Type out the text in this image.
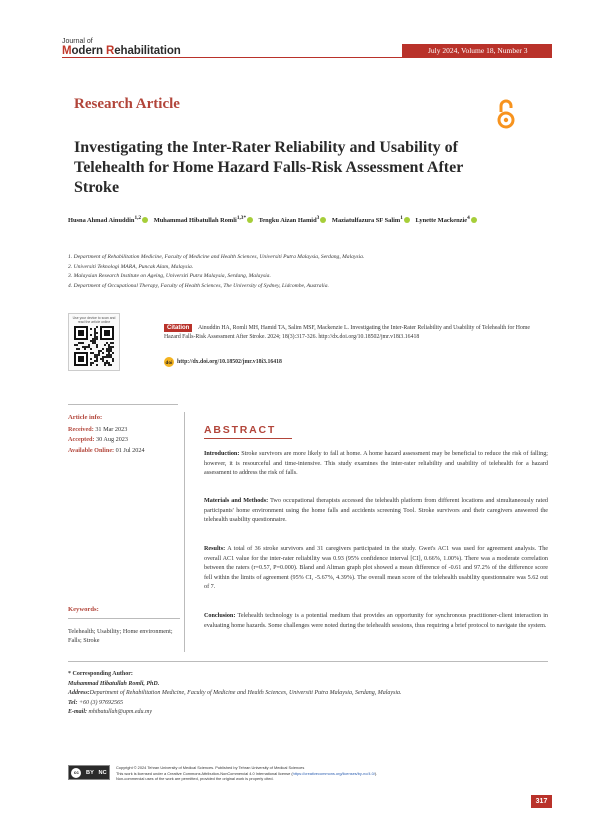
Journal of
Modern Rehabilitation	July 2024, Volume 18, Number 3
Research Article
Investigating the Inter-Rater Reliability and Usability of Telehealth for Home Hazard Falls-Risk Assessment After Stroke
Husna Ahmad Ainuddin$^{1,2}$ Muhammad Hibatullah Romli$^{1,3*}$ Tengku Aizan Hamid$^3$ Maziatulfazura SF Salim$^1$ Lynette Mackenzie$^4$
1. Department of Rehabilitation Medicine, Faculty of Medicine and Health Sciences, Universiti Putra Malaysia, Serdang, Malaysia.
2. Universiti Teknologi MARA, Puncak Alam, Malaysia.
3. Malaysian Research Institute on Ageing, Universiti Putra Malaysia, Serdang, Malaysia.
4. Department of Occupational Therapy, Faculty of Health Sciences, The University of Sydney, Lidcombe, Australia.
Use your device to scan and read the article online
Ainuddin HA, Romli MH, Hamid TA, Salim MSF, Mackenzie L. Investigating the Inter-Rater Reliability and Usability of Telehealth for Home Hazard Falls-Risk Assessment After Stroke. 2024; 18(3):317-326. http://dx.doi.org/10.18502/jmr.v18i3.16418
Citation
doi http://dx.doi.org/10.18502/jmr.v18i3.16418
Article info:
Received: 31 Mar 2023
Accepted: 30 Aug 2023
Available Online: 01 Jul 2024
Keywords:
Telehealth; Usability; Home environment; Falls; Stroke
ABSTRACT
Introduction: Stroke survivors are more likely to fall at home. A home hazard assessment may be beneficial to reduce the risk of falling; however, it is resourceful and time-intensive. This study examines the inter-rater reliability and usability of telehealth for a hazard assessment to address the risk of falls.
Materials and Methods: Two occupational therapists accessed the telehealth platform from different locations and simultaneously rated participants' home environment using the home falls and accidents screening Tool. Stroke survivors and their caregivers answered the telehealth usability questionnaire.
Results: A total of 36 stroke survivors and 31 caregivers participated in the study. Gwet's AC1 was used for agreement analysis. The overall AC1 value for the inter-rater reliability was 0.93 (95% confidence interval [CI], 0.66%, 1.00%). There was a moderate correlation between the raters (r=0.57, P=0.000). Bland and Altman graph plot showed a mean difference of -0.61 and 97.2% of the difference score fell within the limits of agreement (95% CI, -5.67%, 4.39%). The overall mean score of the telehealth usability questionnaire was 5.62 out of 7.
Conclusion: Telehealth technology is a potential medium that provides an opportunity for synchronous practitioner-client interaction in evaluating home hazards. Some challenges were noted during the telehealth sessions, thus requiring a brief protocol to navigate the system.
* Corresponding Author:
Muhammad Hibatullah Romli, PhD.
Address:Department of Rehabilitation Medicine, Faculty of Medicine and Health Sciences, Universiti Putra Malaysia, Serdang, Malaysia.
Tel: +60 (3) 97692565
E-mail: mhibatullah@upm.edu.my
cc	BY NC
Copyright © 2024 Tehran University of Medical Sciences. Published by Tehran University of Medical Sciences
This work is licensed under a Creative Commons Attribution-NonCommercial 4.0 International license (https://creativecommons.org/licenses/by-nc/4.0/).
Non-commercial uses of the work are permitted, provided the original work is properly cited.
317
